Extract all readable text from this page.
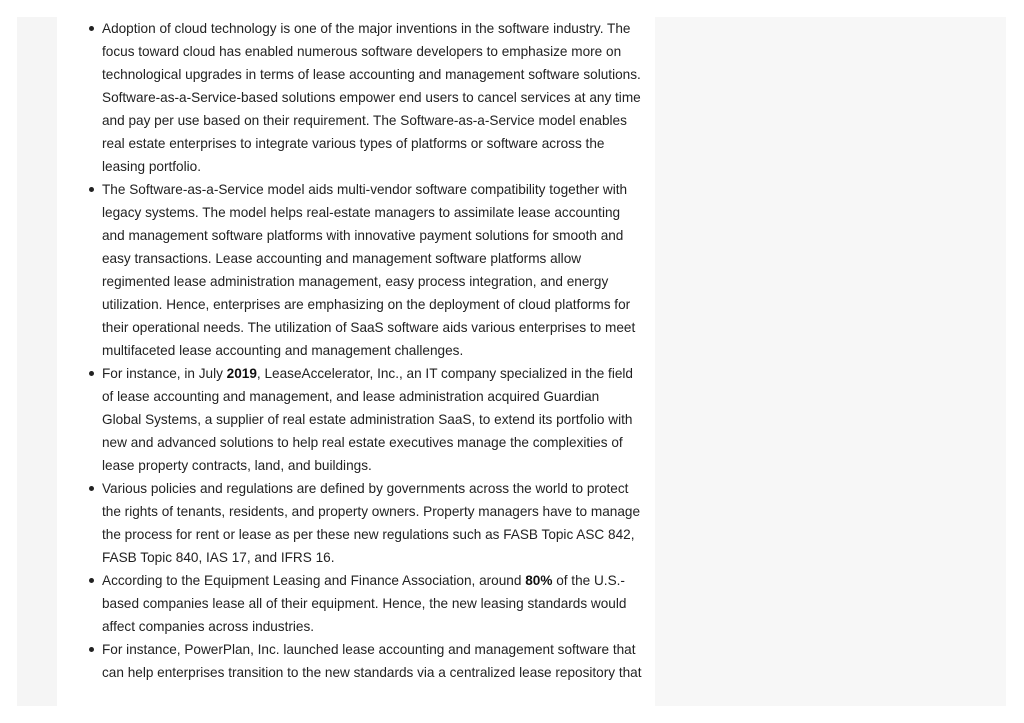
Adoption of cloud technology is one of the major inventions in the software industry. The focus toward cloud has enabled numerous software developers to emphasize more on technological upgrades in terms of lease accounting and management software solutions. Software-as-a-Service-based solutions empower end users to cancel services at any time and pay per use based on their requirement. The Software-as-a-Service model enables real estate enterprises to integrate various types of platforms or software across the leasing portfolio.
The Software-as-a-Service model aids multi-vendor software compatibility together with legacy systems. The model helps real-estate managers to assimilate lease accounting and management software platforms with innovative payment solutions for smooth and easy transactions. Lease accounting and management software platforms allow regimented lease administration management, easy process integration, and energy utilization. Hence, enterprises are emphasizing on the deployment of cloud platforms for their operational needs. The utilization of SaaS software aids various enterprises to meet multifaceted lease accounting and management challenges.
For instance, in July 2019, LeaseAccelerator, Inc., an IT company specialized in the field of lease accounting and management, and lease administration acquired Guardian Global Systems, a supplier of real estate administration SaaS, to extend its portfolio with new and advanced solutions to help real estate executives manage the complexities of lease property contracts, land, and buildings.
Various policies and regulations are defined by governments across the world to protect the rights of tenants, residents, and property owners. Property managers have to manage the process for rent or lease as per these new regulations such as FASB Topic ASC 842, FASB Topic 840, IAS 17, and IFRS 16.
According to the Equipment Leasing and Finance Association, around 80% of the U.S.-based companies lease all of their equipment. Hence, the new leasing standards would affect companies across industries.
For instance, PowerPlan, Inc. launched lease accounting and management software that can help enterprises transition to the new standards via a centralized lease repository that
